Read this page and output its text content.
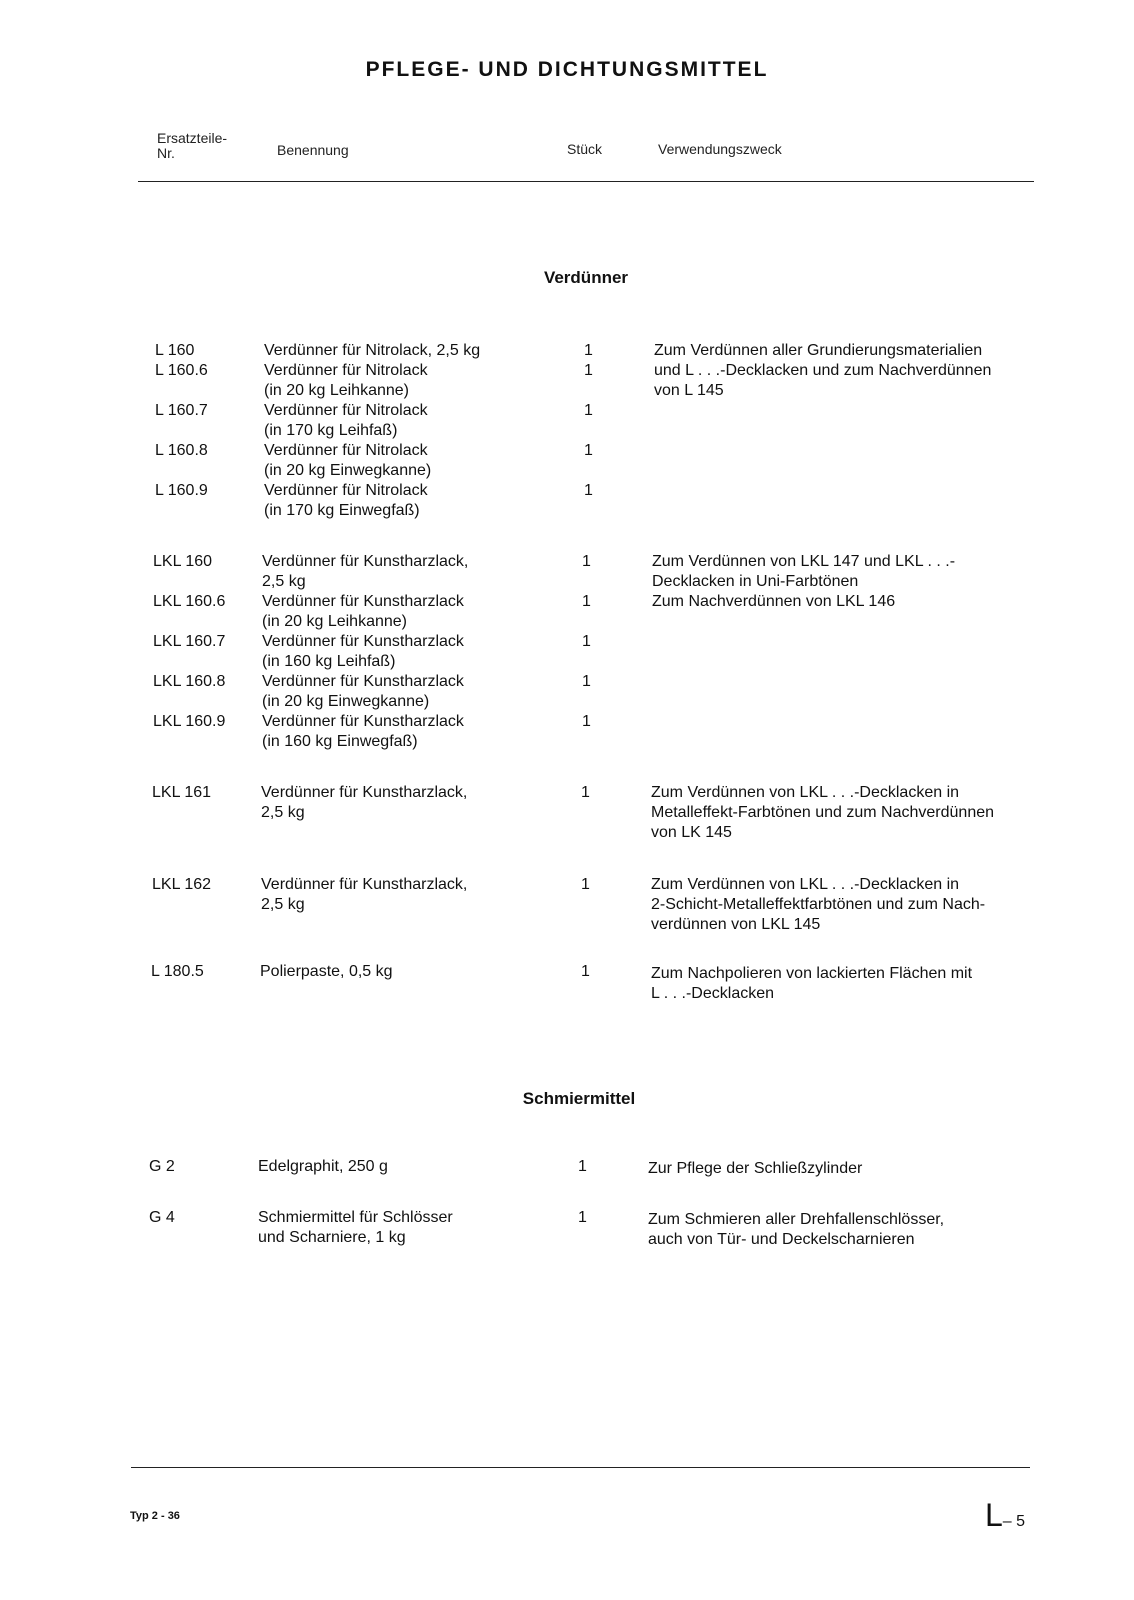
PFLEGE- UND DICHTUNGSMITTEL
Ersatzteile-
Nr.	Benennung	Stück	Verwendungszweck
Verdünner
Schmiermittel
L 160	Verdünner für Nitrolack, 2,5 kg	1	Zum Verdünnen aller Grundierungsmaterialien
L 160.6	Verdünner für Nitrolack
(in 20 kg Leihkanne)
1	und L . . .-Decklacken und zum Nachverdünnen
von L 145
L 160.7	Verdünner für Nitrolack
(in 170 kg Leihfaß)
1
L 160.8	Verdünner für Nitrolack
(in 20 kg Einwegkanne)
1
L 160.9	Verdünner für Nitrolack
(in 170 kg Einwegfaß)
1
LKL 160	Verdünner für Kunstharzlack,
2,5 kg
1	Zum Verdünnen von LKL 147 und LKL . . .-
Decklacken in Uni-Farbtönen
LKL 160.6 Verdünner für Kunstharzlack
(in 20 kg Leihkanne)
1	Zum Nachverdünnen von LKL 146
LKL 160.7 Verdünner für Kunstharzlack
(in 160 kg Leihfaß)
1
LKL 160.8 Verdünner für Kunstharzlack
(in 20 kg Einwegkanne)
1
LKL 160.9 Verdünner für Kunstharzlack
(in 160 kg Einwegfaß)
1
LKL 161	Verdünner für Kunstharzlack,
2,5 kg
1	Zum Verdünnen von LKL . . .-Decklacken in
Metalleffekt-Farbtönen und zum Nachverdünnen
von LK 145
LKL 162	Verdünner für Kunstharzlack,
2,5 kg
1	Zum Verdünnen von LKL . . .-Decklacken in
2-Schicht-Metalleffektfarbtönen und zum Nach-
verdünnen von LKL 145
L 180.5	Polierpaste, 0,5 kg	1	Zum Nachpolieren von lackierten Flächen mit
L . . .-Decklacken
G 2	Edelgraphit, 250 g	1	Zur Pflege der Schließzylinder
G 4	Schmiermittel für Schlösser
und Scharniere, 1 kg
1	Zum Schmieren aller Drehfallenschlösser,
auch von Tür- und Deckelscharnieren
Typ 2 - 36	L– 5
